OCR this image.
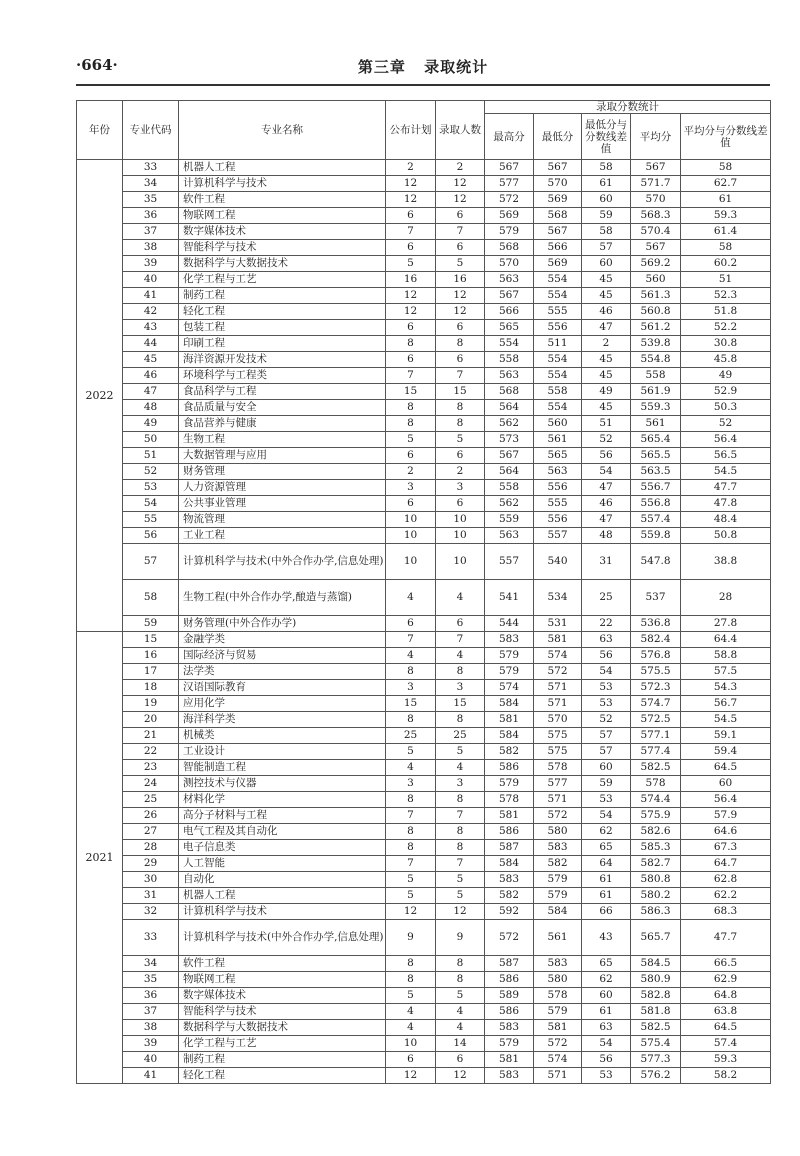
·664·	第三章 录取统计
年份	专业代码	专业名称	公布计划	录取人数	录取分数统计				
					最高分	最低分	最低分与分数线差值	平均分	平均分与分数线差值
2022	33	机器人工程	2	2	567	567	58	567	58
	34	计算机科学与技术	12	12	577	570	61	571.7	62.7
	35	软件工程	12	12	572	569	60	570	61
	36	物联网工程	6	6	569	568	59	568.3	59.3
	37	数字媒体技术	7	7	579	567	58	570.4	61.4
	38	智能科学与技术	6	6	568	566	57	567	58
	39	数据科学与大数据技术	5	5	570	569	60	569.2	60.2
	40	化学工程与工艺	16	16	563	554	45	560	51
	41	制药工程	12	12	567	554	45	561.3	52.3
	42	轻化工程	12	12	566	555	46	560.8	51.8
	43	包装工程	6	6	565	556	47	561.2	52.2
	44	印刷工程	8	8	554	511	2	539.8	30.8
	45	海洋资源开发技术	6	6	558	554	45	554.8	45.8
	46	环境科学与工程类	7	7	563	554	45	558	49
	47	食品科学与工程	15	15	568	558	49	561.9	52.9
	48	食品质量与安全	8	8	564	554	45	559.3	50.3
	49	食品营养与健康	8	8	562	560	51	561	52
	50	生物工程	5	5	573	561	52	565.4	56.4
	51	大数据管理与应用	6	6	567	565	56	565.5	56.5
	52	财务管理	2	2	564	563	54	563.5	54.5
	53	人力资源管理	3	3	558	556	47	556.7	47.7
	54	公共事业管理	6	6	562	555	46	556.8	47.8
	55	物流管理	10	10	559	556	47	557.4	48.4
	56	工业工程	10	10	563	557	48	559.8	50.8
	57	计算机科学与技术(中外合作办学,信息处理)	10	10	557	540	31	547.8	38.8
	58	生物工程(中外合作办学,酿造与蒸馏)	4	4	541	534	25	537	28
	59	财务管理(中外合作办学)	6	6	544	531	22	536.8	27.8
2021	15	金融学类	7	7	583	581	63	582.4	64.4
	16	国际经济与贸易	4	4	579	574	56	576.8	58.8
	17	法学类	8	8	579	572	54	575.5	57.5
	18	汉语国际教育	3	3	574	571	53	572.3	54.3
	19	应用化学	15	15	584	571	53	574.7	56.7
	20	海洋科学类	8	8	581	570	52	572.5	54.5
	21	机械类	25	25	584	575	57	577.1	59.1
	22	工业设计	5	5	582	575	57	577.4	59.4
	23	智能制造工程	4	4	586	578	60	582.5	64.5
	24	测控技术与仪器	3	3	579	577	59	578	60
	25	材料化学	8	8	578	571	53	574.4	56.4
	26	高分子材料与工程	7	7	581	572	54	575.9	57.9
	27	电气工程及其自动化	8	8	586	580	62	582.6	64.6
	28	电子信息类	8	8	587	583	65	585.3	67.3
	29	人工智能	7	7	584	582	64	582.7	64.7
	30	自动化	5	5	583	579	61	580.8	62.8
	31	机器人工程	5	5	582	579	61	580.2	62.2
	32	计算机科学与技术	12	12	592	584	66	586.3	68.3
	33	计算机科学与技术(中外合作办学,信息处理)	9	9	572	561	43	565.7	47.7
	34	软件工程	8	8	587	583	65	584.5	66.5
	35	物联网工程	8	8	586	580	62	580.9	62.9
	36	数字媒体技术	5	5	589	578	60	582.8	64.8
	37	智能科学与技术	4	4	586	579	61	581.8	63.8
	38	数据科学与大数据技术	4	4	583	581	63	582.5	64.5
	39	化学工程与工艺	10	14	579	572	54	575.4	57.4
	40	制药工程	6	6	581	574	56	577.3	59.3
	41	轻化工程	12	12	583	571	53	576.2	58.2
